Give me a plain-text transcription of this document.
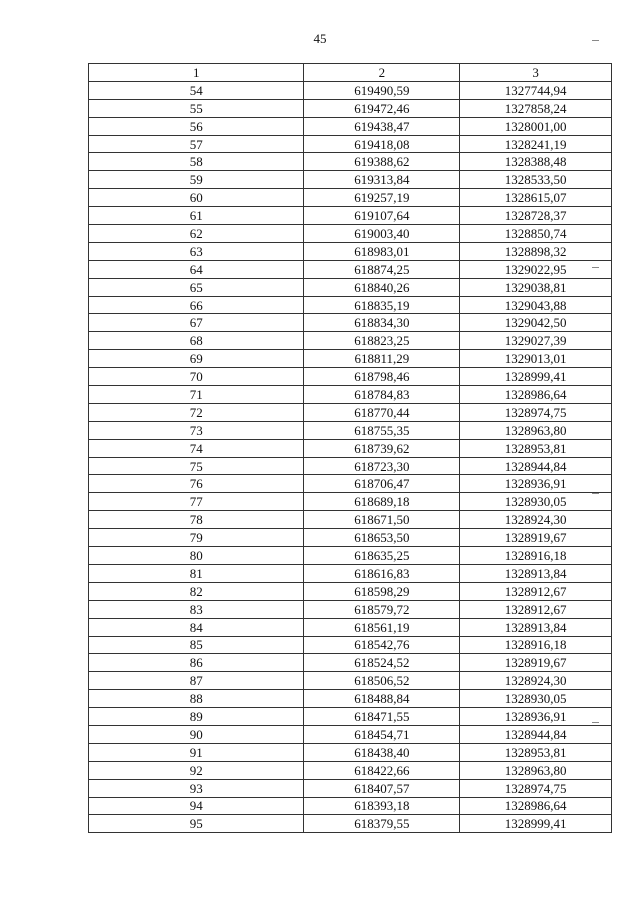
45
1	2	3
54	619490,59	1327744,94
55	619472,46	1327858,24
56	619438,47	1328001,00
57	619418,08	1328241,19
58	619388,62	1328388,48
59	619313,84	1328533,50
60	619257,19	1328615,07
61	619107,64	1328728,37
62	619003,40	1328850,74
63	618983,01	1328898,32
64	618874,25	1329022,95
65	618840,26	1329038,81
66	618835,19	1329043,88
67	618834,30	1329042,50
68	618823,25	1329027,39
69	618811,29	1329013,01
70	618798,46	1328999,41
71	618784,83	1328986,64
72	618770,44	1328974,75
73	618755,35	1328963,80
74	618739,62	1328953,81
75	618723,30	1328944,84
76	618706,47	1328936,91
77	618689,18	1328930,05
78	618671,50	1328924,30
79	618653,50	1328919,67
80	618635,25	1328916,18
81	618616,83	1328913,84
82	618598,29	1328912,67
83	618579,72	1328912,67
84	618561,19	1328913,84
85	618542,76	1328916,18
86	618524,52	1328919,67
87	618506,52	1328924,30
88	618488,84	1328930,05
89	618471,55	1328936,91
90	618454,71	1328944,84
91	618438,40	1328953,81
92	618422,66	1328963,80
93	618407,57	1328974,75
94	618393,18	1328986,64
95	618379,55	1328999,41
